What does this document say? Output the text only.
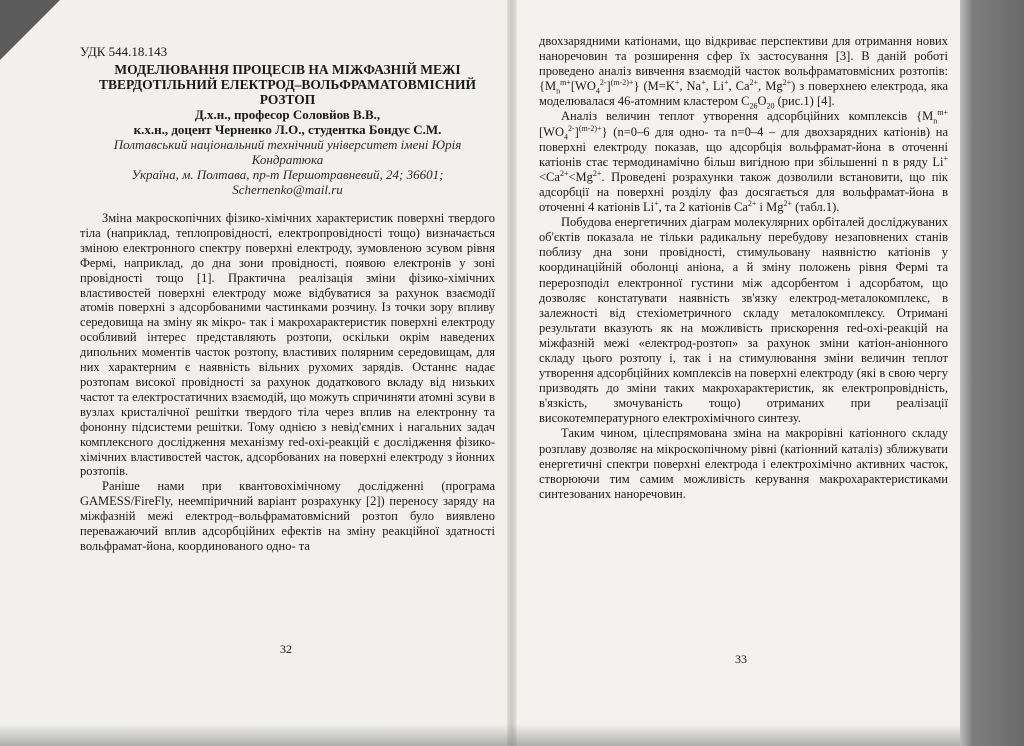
УДК 544.18.143

МОДЕЛЮВАННЯ ПРОЦЕСІВ НА МІЖФАЗНІЙ МЕЖІ ТВЕРДОТІЛЬНИЙ ЕЛЕКТРОД–ВОЛЬФРАМАТОВМІСНИЙ РОЗТОП

Д.х.н., професор Соловйов В.В.,

к.х.н., доцент Черненко Л.О., студентка Бондус С.М.

Полтавський національний технічний університет імені Юрія Кондратюка

Україна, м. Полтава, пр-т Першотравневий, 24; 36601;

Schernenko@mail.ru

Зміна макроскопічних фізико-хімічних характеристик поверхні твердого тіла (наприклад, теплопровідності, електропровідності тощо) визначається зміною електронного спектру поверхні електроду, зумовленою зсувом рівня Фермі, наприклад, до дна зони провідності, появою електронів у зоні провідності тощо [1]. Практична реалізація зміни фізико-хімічних властивостей поверхні електроду може відбуватися за рахунок взаємодії атомів поверхні з адсорбованими частинками розчину. Із точки зору впливу середовища на зміну як мікро- так і макрохарактеристик поверхні електроду особливий інтерес представляють розтопи, оскільки окрім наведених дипольних моментів часток розтопу, властивих полярним середовищам, для них характерним є наявність вільних рухомих зарядів. Останнє надає розтопам високої провідності за рахунок додаткового вкладу від низьких частот та електростатичних взаємодій, що можуть спричиняти атомні зсуви в вузлах кристалічної решітки твердого тіла через вплив на електронну та фононну підсистеми решітки. Тому однією з невід'ємних і нагальних задач комплексного дослідження механізму red-oxi-реакцій є дослідження фізико-хімічних властивостей часток, адсорбованих на поверхні електроду з йонних розтопів.

Раніше нами при квантовохімічному дослідженні (програма GAMESS/FireFly, неемпіричний варіант розрахунку [2]) переносу заряду на міжфазній межі електрод–вольфраматовмісний розтоп було виявлено переважаючий вплив адсорбційних ефектів на зміну реакційної здатності вольфрамат-йона, координованого одно- та

32

двохзарядними катіонами, що відкриває перспективи для отримання нових наноречовин та розширення сфер їх застосування [3]. В даній роботі проведено аналіз вивчення взаємодій часток вольфраматовмісних розтопів: $\{M_n^{m+}[WO_4^{2-}]^{(m-2)+}\}$ (M=K+, Na+, Li+, $Ca^{2+}$, $Mg^{2+}$) з поверхнею електрода, яка моделювалася 46-атомним кластером $C_{26}O_{20}$ (рис.1) [4].

Аналіз величин теплот утворення адсорбційних комплексів $\{M_n^{m+}[WO_4^{2-}]^{(m-2)+}\}$ (n=0–6 для одно- та n=0–4 – для двохзарядних катіонів) на поверхні електроду показав, що адсорбція вольфрамат-йона в оточенні катіонів стає термодинамічно більш вигідною при збільшенні n в ряду $Li^+<Ca^{2+}<Mg^{2+}$. Проведені розрахунки також дозволили встановити, що пік адсорбції на поверхні розділу фаз досягається для вольфрамат-йона в оточенні 4 катіонів Li+, та 2 катіонів $Ca^{2+}$ і $Mg^{2+}$ (табл.1).

Побудова енергетичних діаграм молекулярних орбіталей досліджуваних об'єктів показала не тільки радикальну перебудову незаповнених станів поблизу дна зони провідності, стимульовану наявністю катіонів у координаційній оболонці аніона, а й зміну положень рівня Фермі та перерозподіл електронної густини між адсорбентом і адсорбатом, що дозволяє констатувати наявність зв'язку електрод-металокомплекс, в залежності від стехіометричного складу металокомплексу. Отримані результати вказують як на можливість прискорення red-oxi-реакцій на міжфазній межі «електрод-розтоп» за рахунок зміни катіон-аніонного складу цього розтопу і, так і на стимулювання зміни величин теплот утворення адсорбційних комплексів на поверхні електроду (які в свою чергу призводять до зміни таких макрохарактеристик, як електропровідність, в'язкість, змочуваність тощо) отриманих при реалізації високотемпературного електрохімічного синтезу.

Таким чином, цілеспрямована зміна на макрорівні катіонного складу розплаву дозволяє на мікроскопічному рівні (катіонний каталіз) зближувати енергетичні спектри поверхні електрода і електрохімічно активних часток, створюючи тим самим можливість керування макрохарактеристиками синтезованих наноречовин.

33
